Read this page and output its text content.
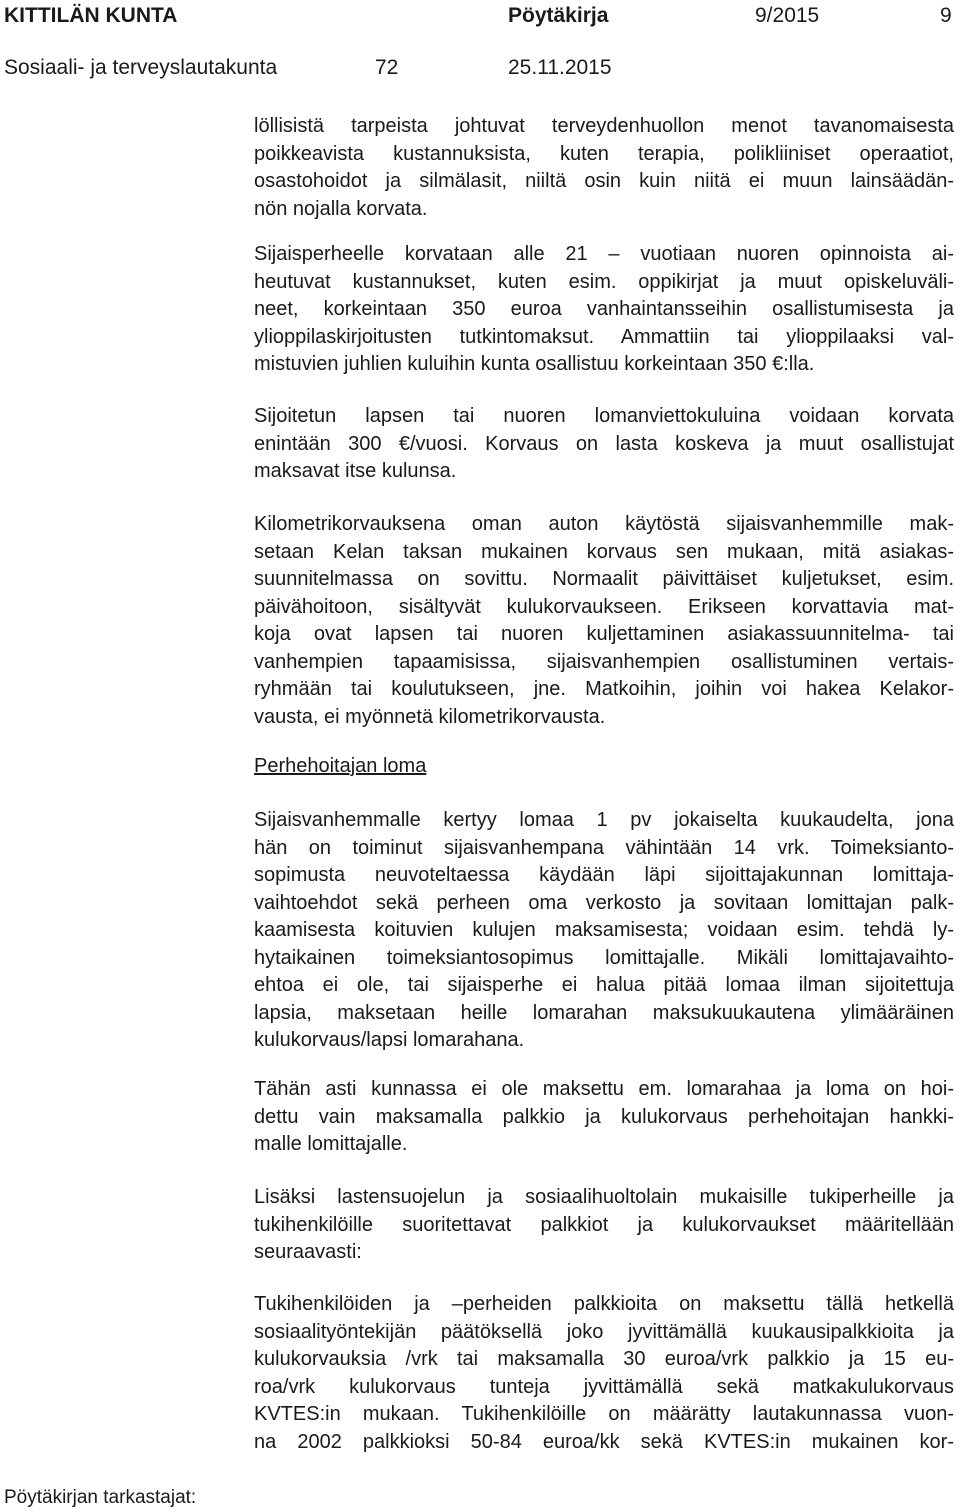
KITTILÄN KUNTA	Pöytäkirja	9/2015	9
Sosiaali- ja terveyslautakunta	72	25.11.2015
löllisistä tarpeista johtuvat terveydenhuollon menot tavanomaisesta
poikkeavista kustannuksista, kuten terapia, polikliiniset operaatiot,
osastohoidot ja silmälasit, niiltä osin kuin niitä ei muun lainsäädän-
nön nojalla korvata.
Sijaisperheelle korvataan alle 21 – vuotiaan nuoren opinnoista ai-
heutuvat kustannukset, kuten esim. oppikirjat ja muut opiskeluväli-
neet, korkeintaan 350 euroa vanhaintansseihin osallistumisesta ja
ylioppilaskirjoitusten tutkintomaksut. Ammattiin tai ylioppilaaksi val-
mistuvien juhlien kuluihin kunta osallistuu korkeintaan 350 €:lla.
Sijoitetun lapsen tai nuoren lomanviettokuluina voidaan korvata
enintään 300 €/vuosi. Korvaus on lasta koskeva ja muut osallistujat
maksavat itse kulunsa.
Kilometrikorvauksena oman auton käytöstä sijaisvanhemmille mak-
setaan Kelan taksan mukainen korvaus sen mukaan, mitä asiakas-
suunnitelmassa on sovittu. Normaalit päivittäiset kuljetukset, esim.
päivähoitoon, sisältyvät kulukorvaukseen. Erikseen korvattavia mat-
koja ovat lapsen tai nuoren kuljettaminen asiakassuunnitelma- tai
vanhempien tapaamisissa, sijaisvanhempien osallistuminen vertais-
ryhmään tai koulutukseen, jne. Matkoihin, joihin voi hakea Kelakor-
vausta, ei myönnetä kilometrikorvausta.
Perhehoitajan loma
Sijaisvanhemmalle kertyy lomaa 1 pv jokaiselta kuukaudelta, jona
hän on toiminut sijaisvanhempana vähintään 14 vrk. Toimeksianto-
sopimusta neuvoteltaessa käydään läpi sijoittajakunnan lomittaja-
vaihtoehdot sekä perheen oma verkosto ja sovitaan lomittajan palk-
kaamisesta koituvien kulujen maksamisesta; voidaan esim. tehdä ly-
hytaikainen toimeksiantosopimus lomittajalle. Mikäli lomittajavaihto-
ehtoa ei ole, tai sijaisperhe ei halua pitää lomaa ilman sijoitettuja
lapsia, maksetaan heille lomarahan maksukuukautena ylimääräinen
kulukorvaus/lapsi lomarahana.
Tähän asti kunnassa ei ole maksettu em. lomarahaa ja loma on hoi-
dettu vain maksamalla palkkio ja kulukorvaus perhehoitajan hankki-
malle lomittajalle.
Lisäksi lastensuojelun ja sosiaalihuoltolain mukaisille tukiperheille ja
tukihenkilöille suoritettavat palkkiot ja kulukorvaukset määritellään
seuraavasti:
Tukihenkilöiden ja –perheiden palkkioita on maksettu tällä hetkellä
sosiaalityöntekijän päätöksellä joko jyvittämällä kuukausipalkkioita ja
kulukorvauksia /vrk tai maksamalla 30 euroa/vrk palkkio ja 15 eu-
roa/vrk kulukorvaus tunteja jyvittämällä sekä matkakulukorvaus
KVTES:in mukaan. Tukihenkilöille on määrätty lautakunnassa vuon-
na 2002 palkkioksi 50-84 euroa/kk sekä KVTES:in mukainen kor-
Pöytäkirjan tarkastajat:
